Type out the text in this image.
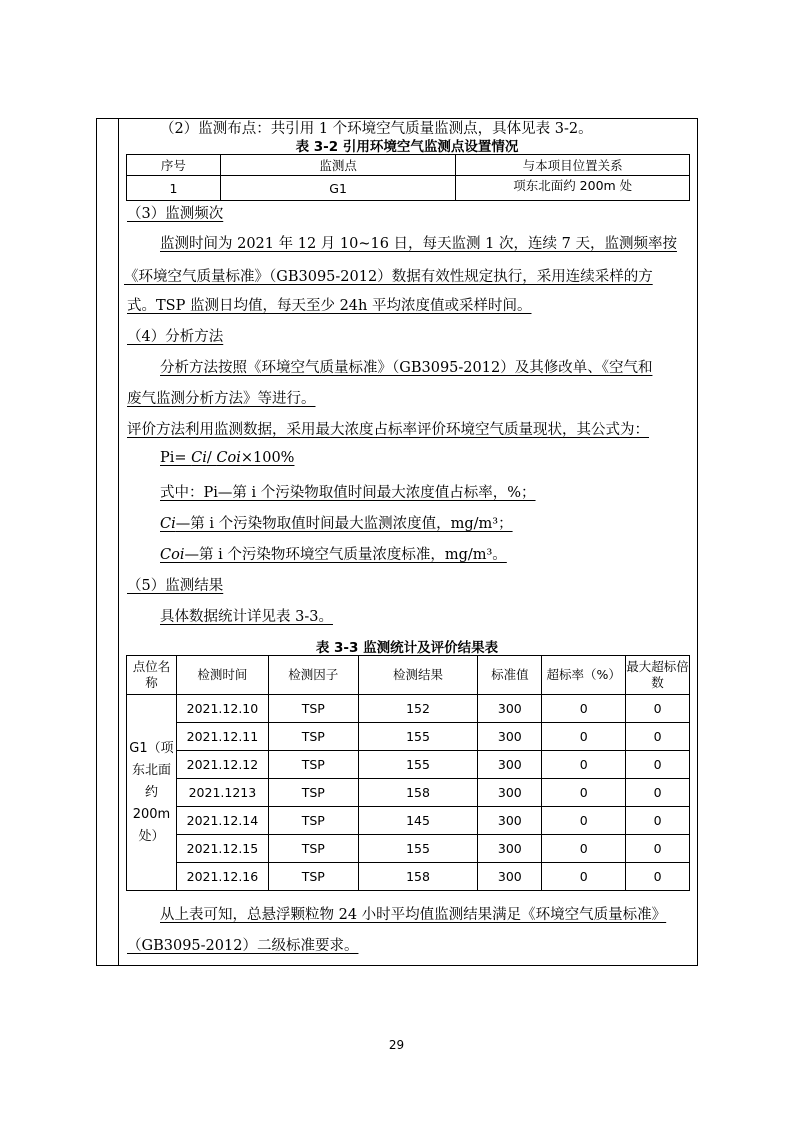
（2）监测布点：共引用 1 个环境空气质量监测点，具体见表 3-2。
表 3-2 引用环境空气监测点设置情况
序号	监测点	与本项目位置关系
1	G1	项东北面约 200m 处
（3）监测频次
监测时间为 2021 年 12 月 10~16 日，每天监测 1 次，连续 7 天，监测频率按
《环境空气质量标准》（GB3095-2012）数据有效性规定执行，采用连续采样的方
式。TSP 监测日均值，每天至少 24h 平均浓度值或采样时间。
（4）分析方法
分析方法按照《环境空气质量标准》（GB3095-2012）及其修改单、《空气和
废气监测分析方法》等进行。
评价方法利用监测数据，采用最大浓度占标率评价环境空气质量现状，其公式为：
Pi= Ci/ Coi×100%
式中：Pi—第 i 个污染物取值时间最大浓度值占标率，%；
Ci—第 i 个污染物取值时间最大监测浓度值，mg/m³；
Coi—第 i 个污染物环境空气质量浓度标准，mg/m³。
（5）监测结果
具体数据统计详见表 3-3。
表 3-3 监测统计及评价结果表
点位名称	检测时间	检测因子	检测结果	标准值	超标率（%）	最大超标倍数
G1（项东北面约 200m 处）	2021.12.10	TSP	152	300	0	0
	2021.12.11	TSP	155	300	0	0
	2021.12.12	TSP	155	300	0	0
	2021.1213	TSP	158	300	0	0
	2021.12.14	TSP	145	300	0	0
	2021.12.15	TSP	155	300	0	0
	2021.12.16	TSP	158	300	0	0
从上表可知，总悬浮颗粒物 24 小时平均值监测结果满足《环境空气质量标准》
（GB3095-2012）二级标准要求。
29
